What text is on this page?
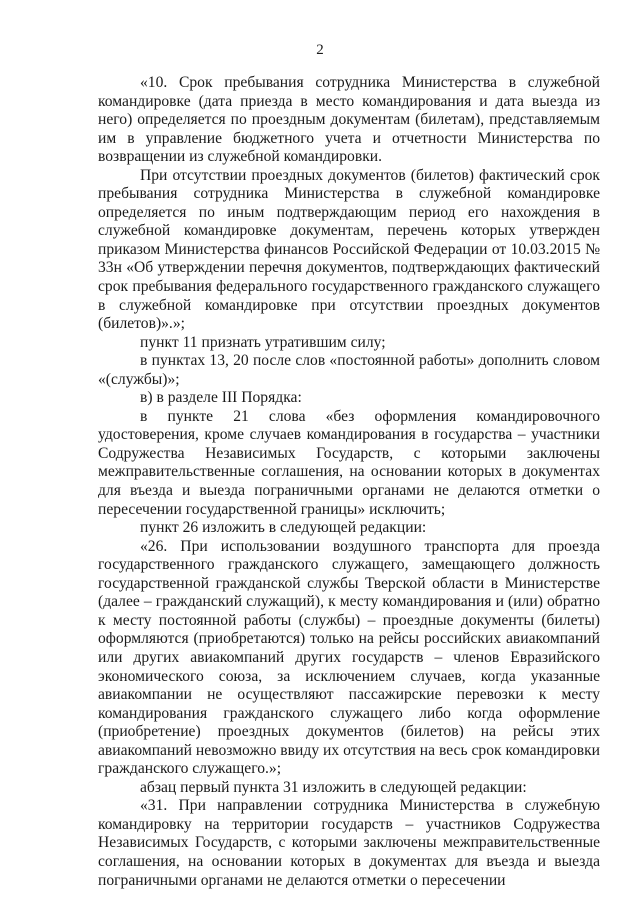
2

«10. Срок пребывания сотрудника Министерства в служебной командировке (дата приезда в место командирования и дата выезда из него) определяется по проездным документам (билетам), представляемым им в управление бюджетного учета и отчетности Министерства по возвращении из служебной командировки.

При отсутствии проездных документов (билетов) фактический срок пребывания сотрудника Министерства в служебной командировке определяется по иным подтверждающим период его нахождения в служебной командировке документам, перечень которых утвержден приказом Министерства финансов Российской Федерации от 10.03.2015 № 33н «Об утверждении перечня документов, подтверждающих фактический срок пребывания федерального государственного гражданского служащего в служебной командировке при отсутствии проездных документов (билетов)».»;

пункт 11 признать утратившим силу;

в пунктах 13, 20 после слов «постоянной работы» дополнить словом «(службы)»;

в) в разделе III Порядка:

в пункте 21 слова «без оформления командировочного удостоверения, кроме случаев командирования в государства – участники Содружества Независимых Государств, с которыми заключены межправительственные соглашения, на основании которых в документах для въезда и выезда пограничными органами не делаются отметки о пересечении государственной границы» исключить;

пункт 26 изложить в следующей редакции:

«26. При использовании воздушного транспорта для проезда государственного гражданского служащего, замещающего должность государственной гражданской службы Тверской области в Министерстве (далее – гражданский служащий), к месту командирования и (или) обратно к месту постоянной работы (службы) – проездные документы (билеты) оформляются (приобретаются) только на рейсы российских авиакомпаний или других авиакомпаний других государств – членов Евразийского экономического союза, за исключением случаев, когда указанные авиакомпании не осуществляют пассажирские перевозки к месту командирования гражданского служащего либо когда оформление (приобретение) проездных документов (билетов) на рейсы этих авиакомпаний невозможно ввиду их отсутствия на весь срок командировки гражданского служащего.»;

абзац первый пункта 31 изложить в следующей редакции:

«31. При направлении сотрудника Министерства в служебную командировку на территории государств – участников Содружества Независимых Государств, с которыми заключены межправительственные соглашения, на основании которых в документах для въезда и выезда пограничными органами не делаются отметки о пересечении
